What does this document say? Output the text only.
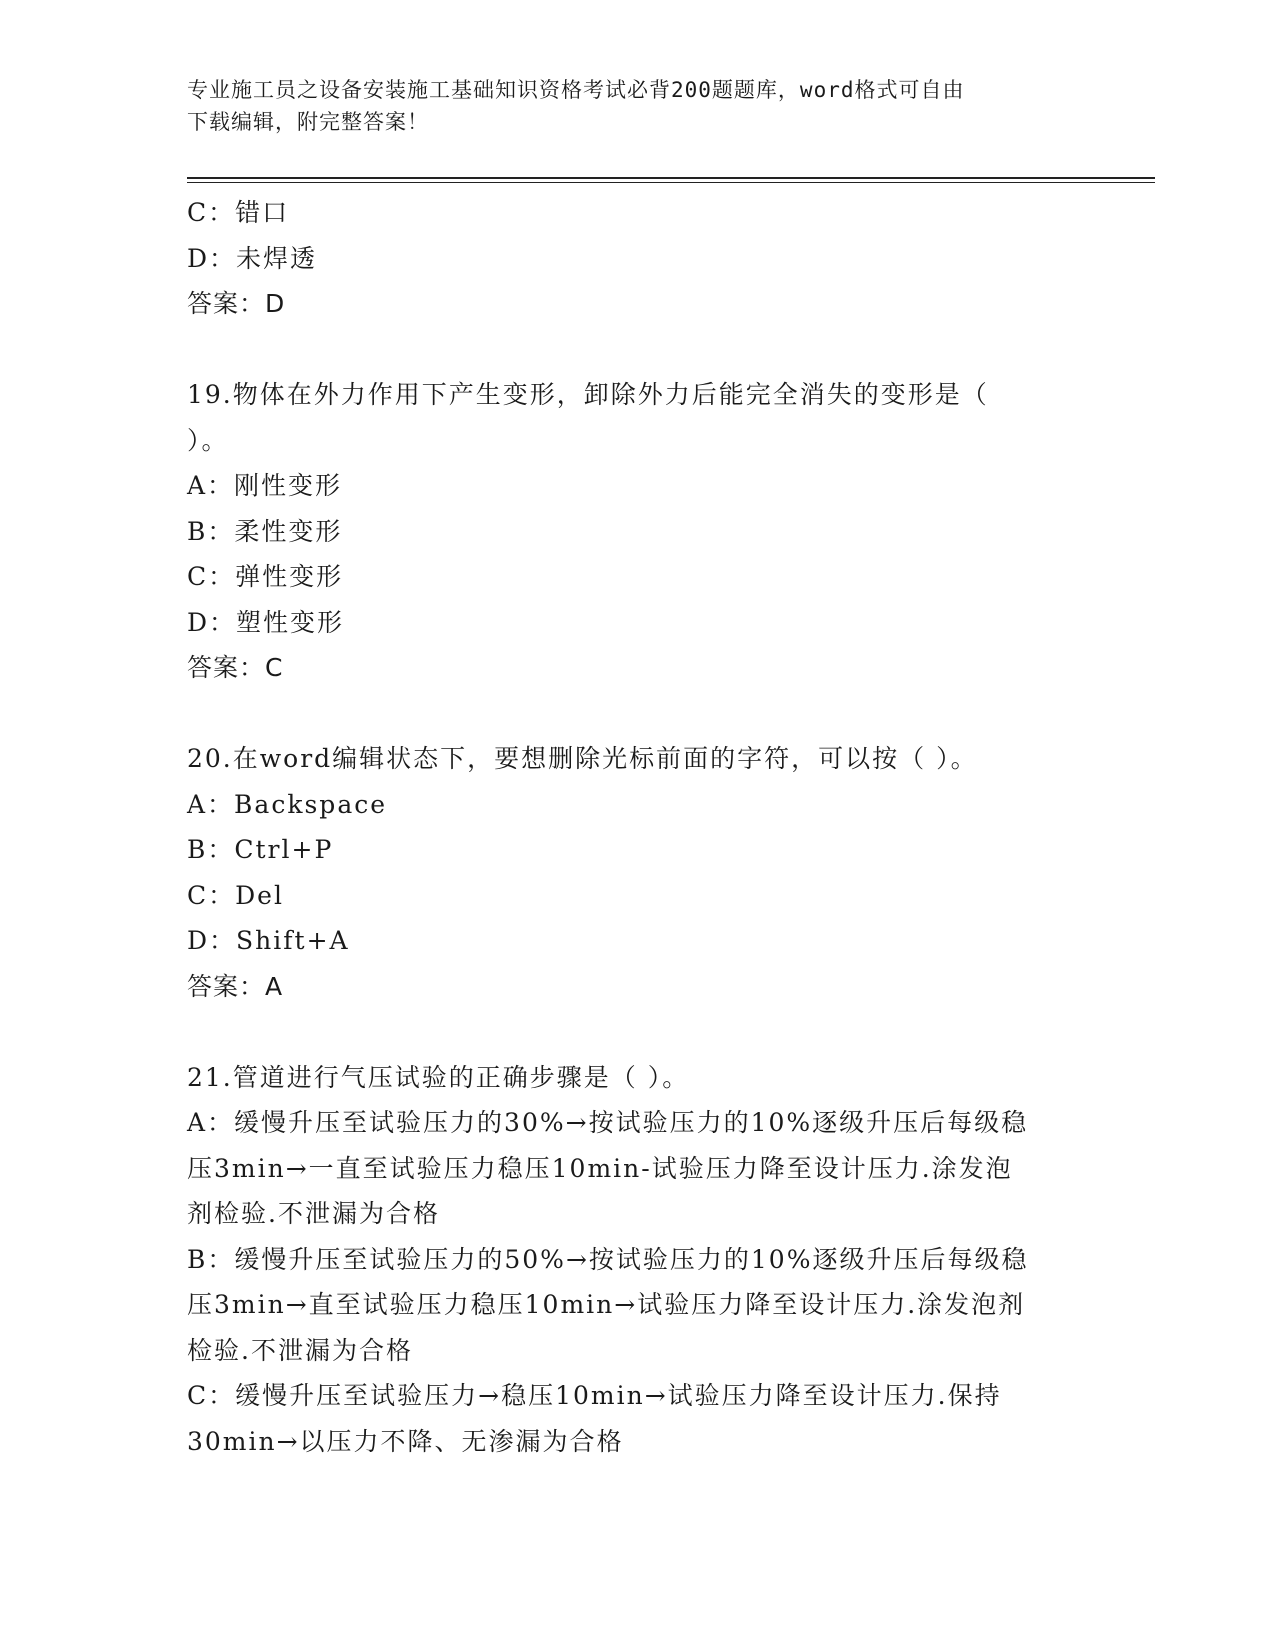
专业施工员之设备安装施工基础知识资格考试必背200题题库，word格式可自由
下载编辑，附完整答案！
C：错口
D：未焊透
答案：D
19.物体在外力作用下产生变形，卸除外力后能完全消失的变形是（
）。
A：刚性变形
B：柔性变形
C：弹性变形
D：塑性变形
答案：C
20.在word编辑状态下，要想删除光标前面的字符，可以按（ ）。
A：Backspace
B：Ctrl+P
C：Del
D：Shift+A
答案：A
21.管道进行气压试验的正确步骤是（ ）。
A：缓慢升压至试验压力的30%→按试验压力的10%逐级升压后每级稳
压3min→一直至试验压力稳压10min-试验压力降至设计压力.涂发泡
剂检验.不泄漏为合格
B：缓慢升压至试验压力的50%→按试验压力的10%逐级升压后每级稳
压3min→直至试验压力稳压10min→试验压力降至设计压力.涂发泡剂
检验.不泄漏为合格
C：缓慢升压至试验压力→稳压10min→试验压力降至设计压力.保持
30min→以压力不降、无渗漏为合格
